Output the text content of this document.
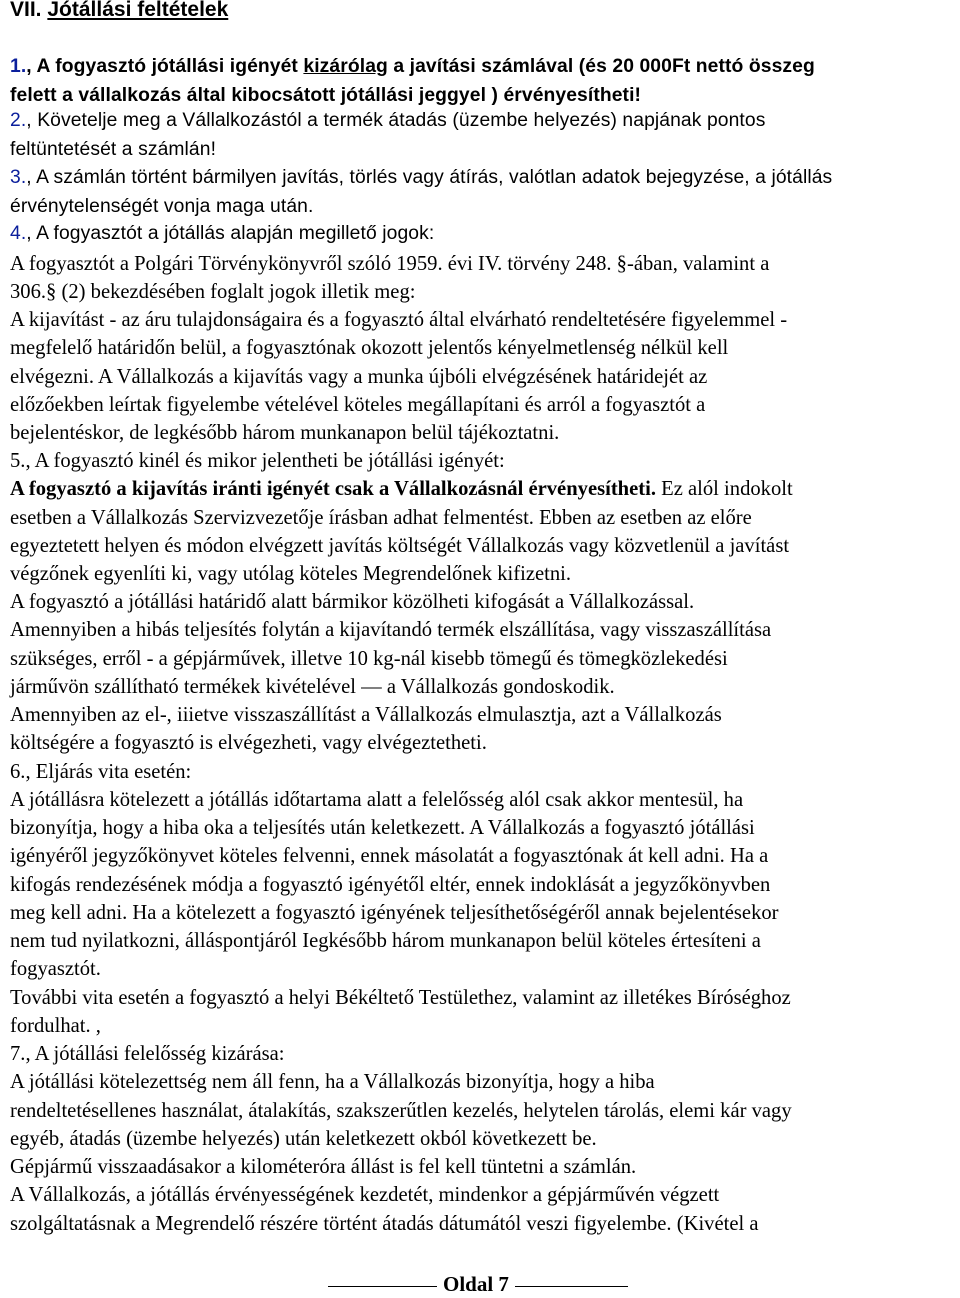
VII. Jótállási feltételek
1., A fogyasztó jótállási igényét kizárólag a javítási számlával (és 20 000Ft nettó összeg
felett a vállalkozás által kibocsátott jótállási jeggyel ) érvényesítheti!
2., Követelje meg a Vállalkozástól a termék átadás (üzembe helyezés) napjának pontos
feltüntetését a számlán!
3., A számlán történt bármilyen javítás, törlés vagy átírás, valótlan adatok bejegyzése, a jótállás
érvénytelenségét vonja maga után.
4., A fogyasztót a jótállás alapján megillető jogok:
A fogyasztót a Polgári Törvénykönyvről szóló 1959. évi IV. törvény 248. §-ában, valamint a
306.§ (2) bekezdésében foglalt jogok illetik meg:
A kijavítást - az áru tulajdonságaira és a fogyasztó által elvárható rendeltetésére figyelemmel -
megfelelő határidőn belül, a fogyasztónak okozott jelentős kényelmetlenség nélkül kell
elvégezni. A Vállalkozás a kijavítás vagy a munka újbóli elvégzésének határidejét az
előzőekben leírtak figyelembe vételével köteles megállapítani és arról a fogyasztót a
bejelentéskor, de legkésőbb három munkanapon belül tájékoztatni.
5., A fogyasztó kinél és mikor jelentheti be jótállási igényét:
A fogyasztó a kijavítás iránti igényét csak a Vállalkozásnál érvényesítheti. Ez alól indokolt
esetben a Vállalkozás Szervizvezetője írásban adhat felmentést. Ebben az esetben az előre
egyeztetett helyen és módon elvégzett javítás költségét Vállalkozás vagy közvetlenül a javítást
végzőnek egyenlíti ki, vagy utólag köteles Megrendelőnek kifizetni.
A fogyasztó a jótállási határidő alatt bármikor közölheti kifogását a Vállalkozással.
Amennyiben a hibás teljesítés folytán a kijavítandó termék elszállítása, vagy visszaszállítása
szükséges, erről - a gépjárművek, illetve 10 kg-nál kisebb tömegű és tömegközlekedési
járművön szállítható termékek kivételével — a Vállalkozás gondoskodik.
Amennyiben az el-, iiietve visszaszállítást a Vállalkozás elmulasztja, azt a Vállalkozás
költségére a fogyasztó is elvégezheti, vagy elvégeztetheti.
6., Eljárás vita esetén:
A jótállásra kötelezett a jótállás időtartama alatt a felelősség alól csak akkor mentesül, ha
bizonyítja, hogy a hiba oka a teljesítés után keletkezett. A Vállalkozás a fogyasztó jótállási
igényéről jegyzőkönyvet köteles felvenni, ennek másolatát a fogyasztónak át kell adni. Ha a
kifogás rendezésének módja a fogyasztó igényétől eltér, ennek indoklását a jegyzőkönyvben
meg kell adni. Ha a kötelezett a fogyasztó igényének teljesíthetőségéről annak bejelentésekor
nem tud nyilatkozni, álláspontjáról Iegkésőbb három munkanapon belül köteles értesíteni a
fogyasztót.
További vita esetén a fogyasztó a helyi Békéltető Testülethez, valamint az illetékes Bíróséghoz
fordulhat. ,
7., A jótállási felelősség kizárása:
A jótállási kötelezettség nem áll fenn, ha a Vállalkozás bizonyítja, hogy a hiba
rendeltetésellenes használat, átalakítás, szakszerűtlen kezelés, helytelen tárolás, elemi kár vagy
egyéb, átadás (üzembe helyezés) után keletkezett okból következett be.
Gépjármű visszaadásakor a kilométeróra állást is fel kell tüntetni a számlán.
A Vállalkozás, a jótállás érvényességének kezdetét, mindenkor a gépjárművén végzett
szolgáltatásnak a Megrendelő részére történt átadás dátumától veszi figyelembe. (Kivétel a
Oldal 7
